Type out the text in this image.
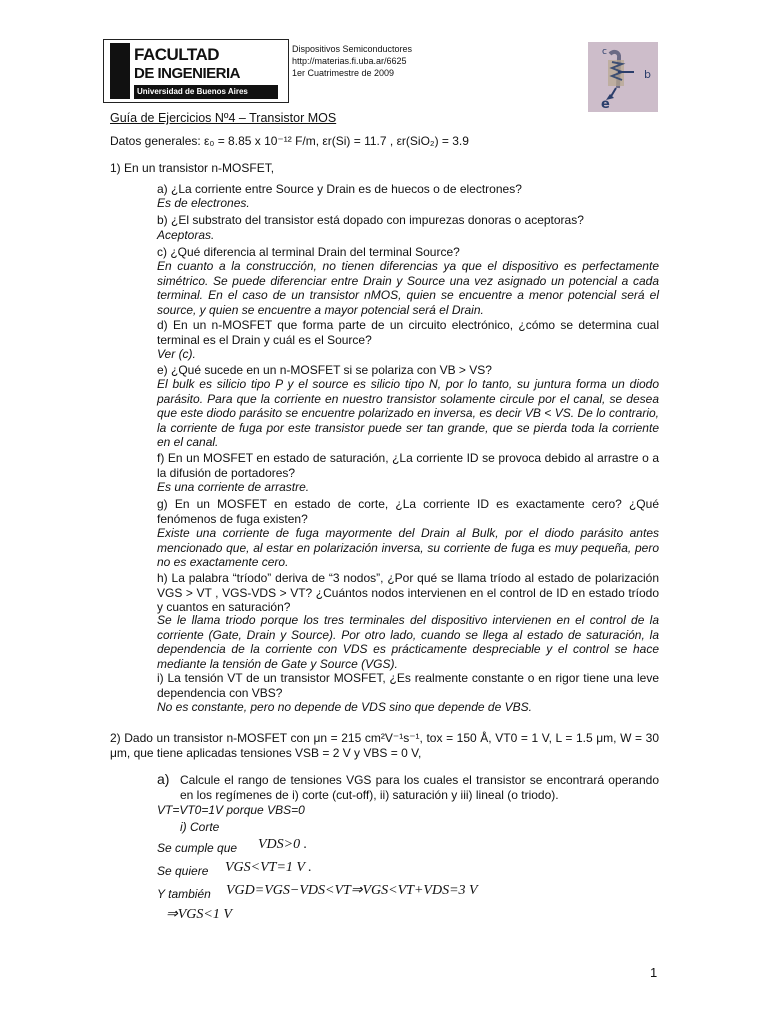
FACULTAD
DE INGENIERIA
Universidad de Buenos Aires
Dispositivos Semiconductores
http://materias.fi.uba.ar/6625
1er Cuatrimestre de 2009
c
b
e
Guía de Ejercicios Nº4 – Transistor MOS
Datos generales: ε₀ = 8.85 x 10⁻¹² F/m, εr(Si) = 11.7 , εr(SiO₂) = 3.9
1) En un transistor n-MOSFET,
a) ¿La corriente entre Source y Drain es de huecos o de electrones?
Es de electrones.
b) ¿El substrato del transistor está dopado con impurezas donoras o aceptoras?
Aceptoras.
c) ¿Qué diferencia al terminal Drain del terminal Source?
En cuanto a la construcción, no tienen diferencias ya que el dispositivo es perfectamente simétrico. Se puede diferenciar entre Drain y Source una vez asignado un potencial a cada terminal. En el caso de un transistor nMOS, quien se encuentre a menor potencial será el source, y quien se encuentre a mayor potencial será el Drain.
d) En un n-MOSFET que forma parte de un circuito electrónico, ¿cómo se determina cual terminal es el Drain y cuál es el Source?
Ver (c).
e) ¿Qué sucede en un n-MOSFET si se polariza con VB > VS?
El bulk es silicio tipo P y el source es silicio tipo N, por lo tanto, su juntura forma un diodo parásito. Para que la corriente en nuestro transistor solamente circule por el canal, se desea que este diodo parásito se encuentre polarizado en inversa, es decir VB < VS. De lo contrario, la corriente de fuga por este transistor puede ser tan grande, que se pierda toda la corriente en el canal.
f) En un MOSFET en estado de saturación, ¿La corriente ID se provoca debido al arrastre o a la difusión de portadores?
Es una corriente de arrastre.
g) En un MOSFET en estado de corte, ¿La corriente ID es exactamente cero? ¿Qué fenómenos de fuga existen?
Existe una corriente de fuga mayormente del Drain al Bulk, por el diodo parásito antes mencionado que, al estar en polarización inversa, su corriente de fuga es muy pequeña, pero no es exactamente cero.
h) La palabra “tríodo” deriva de “3 nodos”, ¿Por qué se llama tríodo al estado de polarización VGS > VT , VGS-VDS > VT? ¿Cuántos nodos intervienen en el control de ID en estado tríodo y cuantos en saturación?
Se le llama triodo porque los tres terminales del dispositivo intervienen en el control de la corriente (Gate, Drain y Source). Por otro lado, cuando se llega al estado de saturación, la dependencia de la corriente con VDS es prácticamente despreciable y el control se hace mediante la tensión de Gate y Source (VGS).
i) La tensión VT de un transistor MOSFET, ¿Es realmente constante o en rigor tiene una leve dependencia con VBS?
No es constante, pero no depende de VDS sino que depende de VBS.
2) Dado un transistor n-MOSFET con μn = 215 cm²V⁻¹s⁻¹, tox = 150 Å, VT0 = 1 V, L = 1.5 μm, W = 30 μm, que tiene aplicadas tensiones VSB = 2 V y VBS = 0 V,
a) Calcule el rango de tensiones VGS para los cuales el transistor se encontrará operando en los regímenes de i) corte (cut-off), ii) saturación y iii) lineal (o triodo).
VT=VT0=1V porque VBS=0
i) Corte
Se cumple que VDS>0 .
Se quiere VGS<VT=1 V .
Y también VGD=VGS−VDS<VT⇒VGS<VT+VDS=3 V
⇒VGS<1 V
1
